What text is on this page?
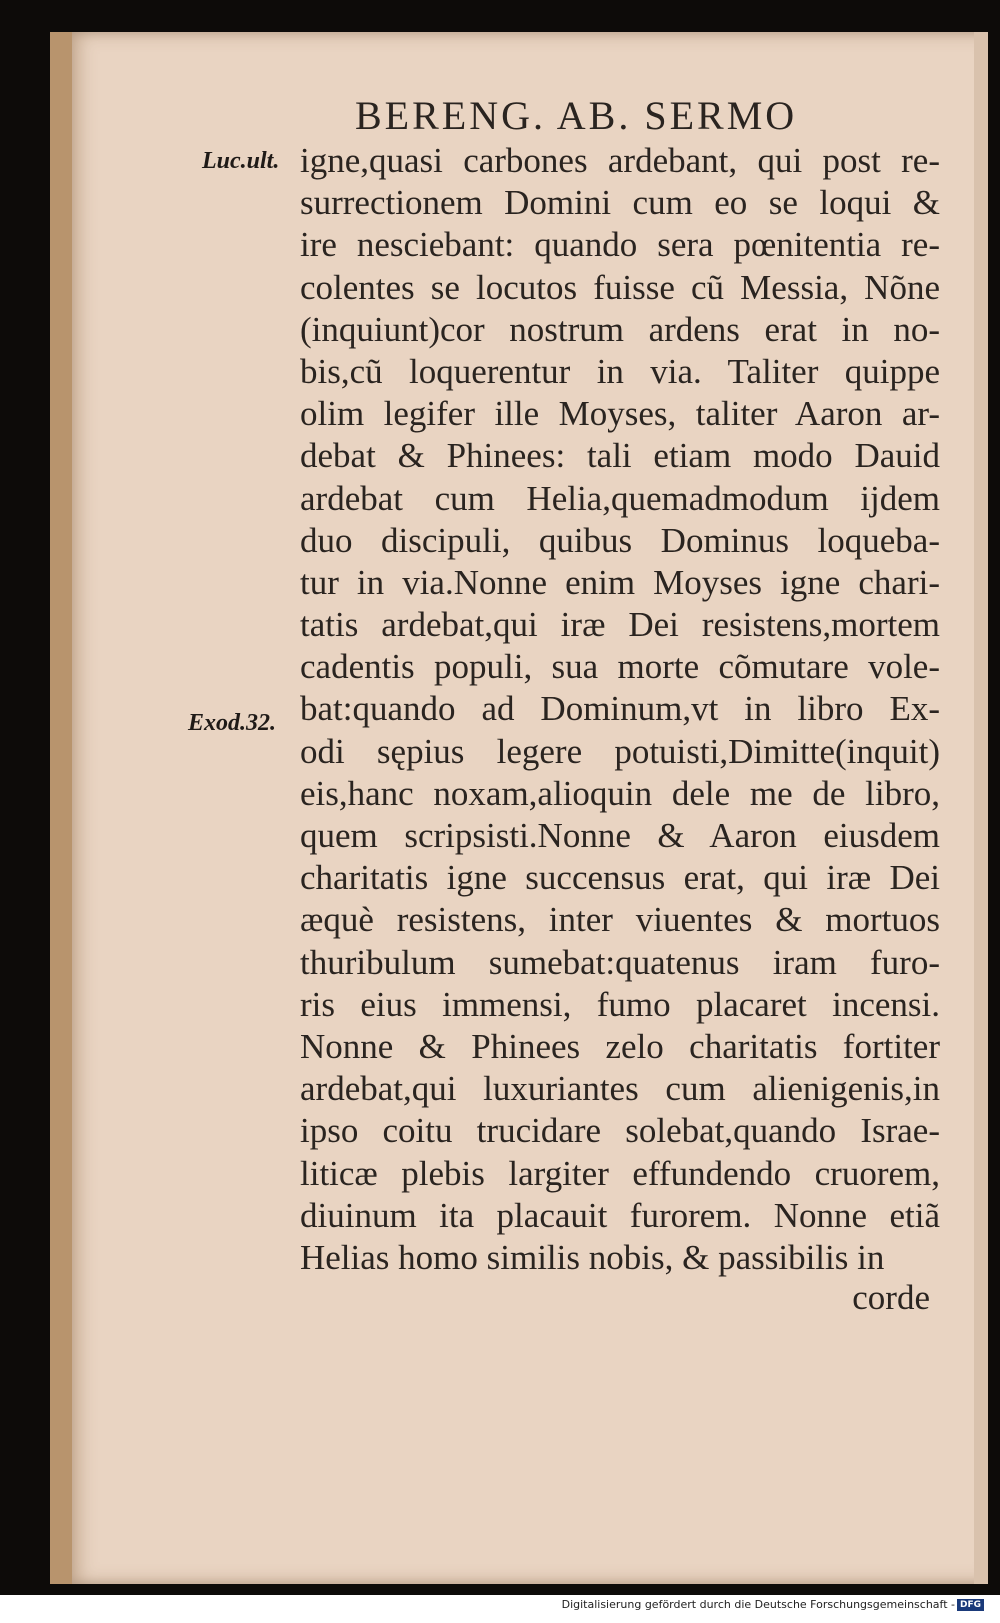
BERENG. AB. SERMO
Luc.ult.
Exod.32.
igne,quasi carbones ardebant, qui post re-
surrectionem Domini cum eo se loqui &
ire nesciebant: quando sera pœnitentia re-
colentes se locutos fuisse cũ Messia, Nõne
(inquiunt)cor nostrum ardens erat in no-
bis,cũ loquerentur in via. Taliter quippe
olim legifer ille Moyses, taliter Aaron ar-
debat & Phinees: tali etiam modo Dauid
ardebat cum Helia,quemadmodum ijdem
duo discipuli, quibus Dominus loqueba-
tur in via.Nonne enim Moyses igne chari-
tatis ardebat,qui iræ Dei resistens,mortem
cadentis populi, sua morte cõmutare vole-
bat:quando ad Dominum,vt in libro Ex-
odi sępius legere potuisti,Dimitte(inquit)
eis,hanc noxam,alioquin dele me de libro,
quem scripsisti.Nonne & Aaron eiusdem
charitatis igne succensus erat, qui iræ Dei
æquè resistens, inter viuentes & mortuos
thuribulum sumebat:quatenus iram furo-
ris eius immensi, fumo placaret incensi.
Nonne & Phinees zelo charitatis fortiter
ardebat,qui luxuriantes cum alienigenis,in
ipso coitu trucidare solebat,quando Israe-
liticæ plebis largiter effundendo cruorem,
diuinum ita placauit furorem. Nonne etiã
Helias homo similis nobis, & passibilis in
corde
Digitalisierung gefördert durch die Deutsche Forschungsgemeinschaft - DFG
